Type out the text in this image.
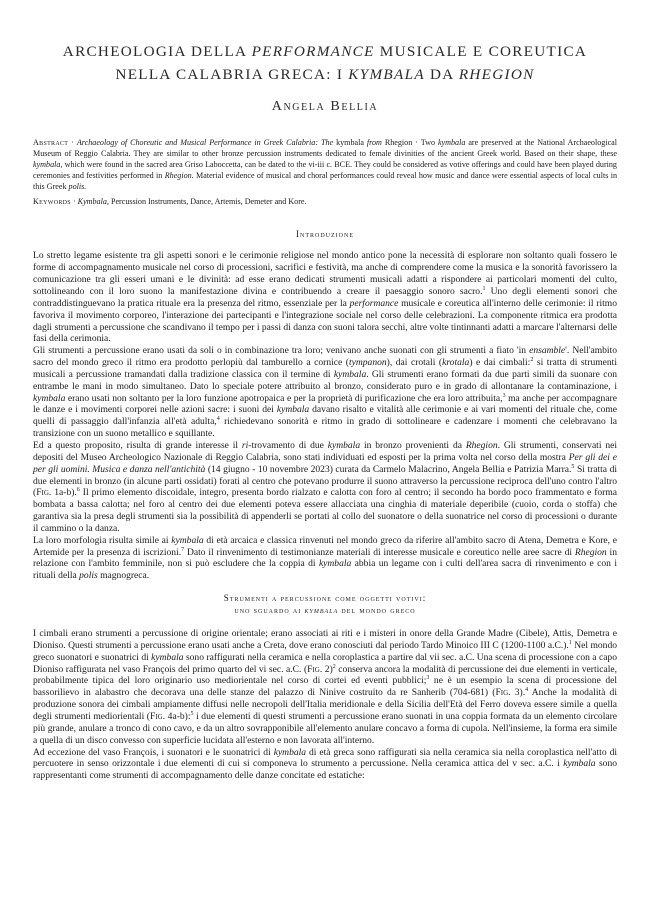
ARCHEOLOGIA DELLA PERFORMANCE MUSICALE E COREUTICA
NELLA CALABRIA GRECA: I KYMBALA DA RHEGION
Angela Bellia
Abstract · Archaeology of Choreutic and Musical Performance in Greek Calabria: The kymbala from Rhegion · Two kymbala are preserved at the National Archaeological Museum of Reggio Calabria. They are similar to other bronze percussion instruments dedicated to female divinities of the ancient Greek world. Based on their shape, these kymbala, which were found in the sacred area Griso Laboccetta, can be dated to the vi-iii c. BCE. They could be considered as votive offerings and could have been played during ceremonies and festivities performed in Rhegion. Material evidence of musical and choral performances could reveal how music and dance were essential aspects of local cults in this Greek polis.
Keywords · Kymbala, Percussion Instruments, Dance, Artemis, Demeter and Kore.
Introduzione

Lo stretto legame esistente tra gli aspetti sonori e le cerimonie religiose nel mondo antico pone la necessità di esplorare non soltanto quali fossero le forme di accompagnamento musicale nel corso di processioni, sacrifici e festività, ma anche di comprendere come la musica e la sonorità favorissero la comunicazione tra gli esseri umani e le divinità: ad esse erano dedicati strumenti musicali adatti a rispondere ai particolari momenti del culto, sottolineando con il loro suono la manifestazione divina e contribuendo a creare il paesaggio sonoro sacro.$^1$ Uno degli elementi sonori che contraddistinguevano la pratica rituale era la presenza del ritmo, essenziale per la performance musicale e coreutica all'interno delle cerimonie: il ritmo favoriva il movimento corporeo, l'interazione dei partecipanti e l'integrazione sociale nel corso delle celebrazioni. La componente ritmica era prodotta dagli strumenti a percussione che scandivano il tempo per i passi di danza con suoni talora secchi, altre volte tintinnanti adatti a marcare l'alternarsi delle fasi della cerimonia.

Gli strumenti a percussione erano usati da soli o in combinazione tra loro; venivano anche suonati con gli strumenti a fiato 'in ensamble'. Nell'ambito sacro del mondo greco il ritmo era prodotto perlopiù dal tamburello a cornice (tympanon), dai crotali (krotala) e dai cimbali:$^2$ si tratta di strumenti musicali a percussione tramandati dalla tradizione classica con il termine di kymbala. Gli strumenti erano formati da due parti simili da suonare con entrambe le mani in modo simultaneo. Dato lo speciale potere attribuito al bronzo, considerato puro e in grado di allontanare la contaminazione, i kymbala erano usati non soltanto per la loro funzione apotropaica e per la proprietà di purificazione che era loro attribuita,$^3$ ma anche per accompagnare le danze e i movimenti corporei nelle azioni sacre: i suoni dei kymbala davano risalto e vitalità alle cerimonie e ai vari momenti del rituale che, come quelli di passaggio dall'infanzia all'età adulta,$^4$ richiedevano sonorità e ritmo in grado di sottolineare e cadenzare i momenti che celebravano la transizione con un suono metallico e squillante.

Ed a questo proposito, risulta di grande interesse il ri-trovamento di due kymbala in bronzo provenienti da Rhegion. Gli strumenti, conservati nei depositi del Museo Archeologico Nazionale di Reggio Calabria, sono stati individuati ed esposti per la prima volta nel corso della mostra Per gli dei e per gli uomini. Musica e danza nell'antichità (14 giugno - 10 novembre 2023) curata da Carmelo Malacrino, Angela Bellia e Patrizia Marra.$^5$ Si tratta di due elementi in bronzo (in alcune parti ossidati) forati al centro che potevano produrre il suono attraverso la percussione reciproca dell'uno contro l'altro (Fig. 1a-b).$^6$ Il primo elemento discoidale, integro, presenta bordo rialzato e calotta con foro al centro; il secondo ha bordo poco frammentato e forma bombata a bassa calotta; nel foro al centro dei due elementi poteva essere allacciata una cinghia di materiale deperibile (cuoio, corda o stoffa) che garantiva sia la presa degli strumenti sia la possibilità di appenderli se portati al collo del suonatore o della suonatrice nel corso di processioni o durante il cammino o la danza.

La loro morfologia risulta simile ai kymbala di età arcaica e classica rinvenuti nel mondo greco da riferire all'ambito sacro di Atena, Demetra e Kore, e Artemide per la presenza di iscrizioni.$^7$ Dato il rinvenimento di testimonianze materiali di interesse musicale e coreutico nelle aree sacre di Rhegion in relazione con l'ambito femminile, non si può escludere che la coppia di kymbala abbia un legame con i culti dell'area sacra di rinvenimento e con i rituali della polis magnogreca.

Strumenti a percussione come oggetti votivi:
uno sguardo ai kymbala del mondo greco

I cimbali erano strumenti a percussione di origine orientale; erano associati ai riti e i misteri in onore della Grande Madre (Cibele), Attis, Demetra e Dioniso. Questi strumenti a percussione erano usati anche a Creta, dove erano conosciuti dal periodo Tardo Minoico III C (1200-1100 a.C.).$^1$ Nel mondo greco suonatori e suonatrici di kymbala sono raffigurati nella ceramica e nella coroplastica a partire dal vii sec. a.C. Una scena di processione con a capo Dioniso raffigurata nel vaso François del primo quarto del vi sec. a.C. (Fig. 2)$^2$ conserva ancora la modalità di percussione dei due elementi in verticale, probabilmente tipica del loro originario uso mediorientale nel corso di cortei ed eventi pubblici;$^3$ ne è un esempio la scena di processione del bassorilievo in alabastro che decorava una delle stanze del palazzo di Ninive costruito da re Sanherib (704-681) (Fig. 3).$^4$ Anche la modalità di produzione sonora dei cimbali ampiamente diffusi nelle necropoli dell'Italia meridionale e della Sicilia dell'Età del Ferro doveva essere simile a quella degli strumenti mediorientali (Fig. 4a-b):$^5$ i due elementi di questi strumenti a percussione erano suonati in una coppia formata da un elemento circolare più grande, anulare a tronco di cono cavo, e da un altro sovrapponibile all'elemento anulare concavo a forma di cupola. Nell'insieme, la forma era simile a quella di un disco convesso con superficie lucidata all'esterno e non lavorata all'interno.

Ad eccezione del vaso François, i suonatori e le suonatrici di kymbala di età greca sono raffigurati sia nella ceramica sia nella coroplastica nell'atto di percuotere in senso orizzontale i due elementi di cui si componeva lo strumento a percussione. Nella ceramica attica del v sec. a.C. i kymbala sono rappresentanti come strumenti di accompagnamento delle danze concitate ed estatiche:
